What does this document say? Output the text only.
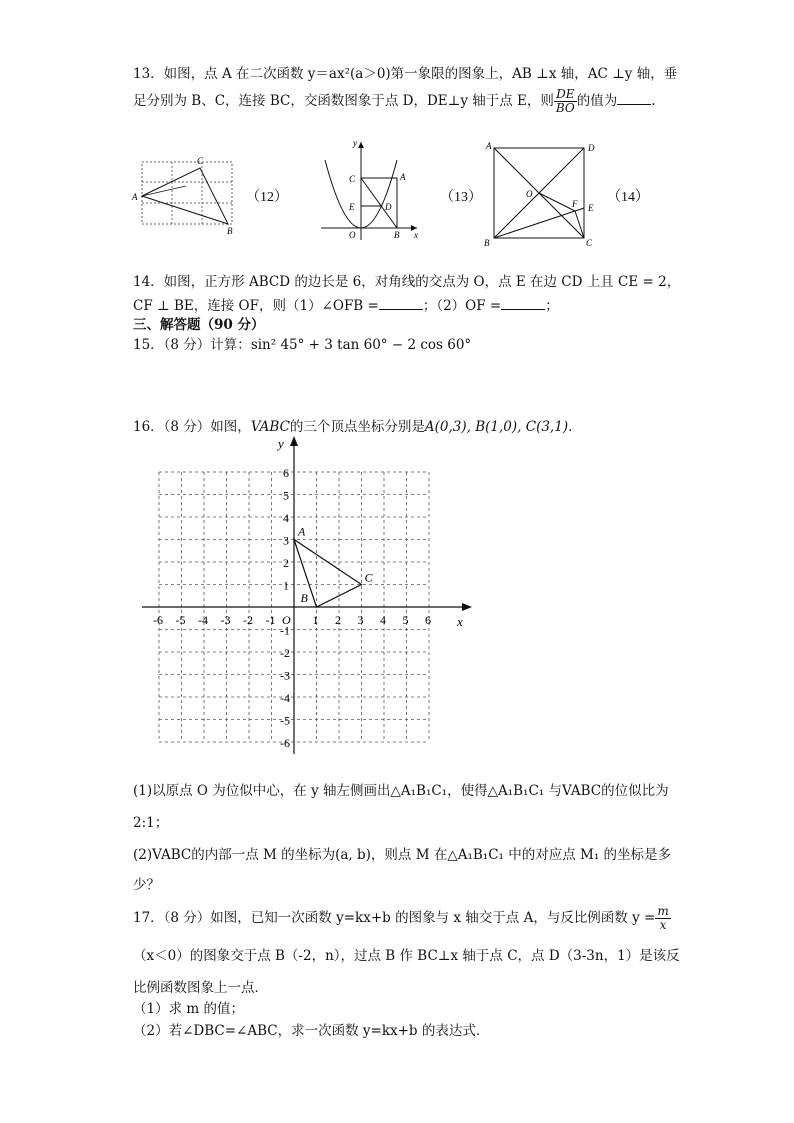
13．如图，点 A 在二次函数 y＝ax²(a＞0)第一象限的图象上，AB ⊥x 轴，AC ⊥y 轴，垂
足分别为 B、C，连接 BC，交函数图象于点 D，DE⊥y 轴于点 E，则 $\frac{DE}{BO}$ 的值为	.
A
B
C
（12）
y
x
C	A
E	D
O	B
（13）
A	D
O
F E
B	C
（14）
14．如图，正方形 ABCD 的边长是 6，对角线的交点为 O，点 E 在边 CD 上且 CE = 2，
CF ⊥ BE，连接 OF，则（1）∠OFB =	；（2）OF =	；
三、解答题（90 分）
15．（8 分）计算：sin² 45° + 3 tan 60° − 2 cos 60°
16．（8 分）如图，VABC的三个顶点坐标分别是A(0,3), B(1,0), C(3,1)．
-6 -5 -4 -3 -2 -1 O 1 2 3 4 5 6
6
5
4
3
2
1
-1
-2
-3
-4
-5
-6
x
y
A
B
C
(1)以原点 O 为位似中心，在 y 轴左侧画出△A₁B₁C₁，使得△A₁B₁C₁ 与VABC的位似比为
2:1；
(2)VABC的内部一点 M 的坐标为(a, b)，则点 M 在△A₁B₁C₁ 中的对应点 M₁ 的坐标是多
少？
17．（8 分）如图，已知一次函数 y=kx+b 的图象与 x 轴交于点 A，与反比例函数 $y = \frac{m}{x}$
（x＜0）的图象交于点 B（-2，n），过点 B 作 BC⊥x 轴于点 C，点 D（3-3n，1）是该反
比例函数图象上一点．
（1）求 m 的值；
（2）若∠DBC=∠ABC，求一次函数 y=kx+b 的表达式．
